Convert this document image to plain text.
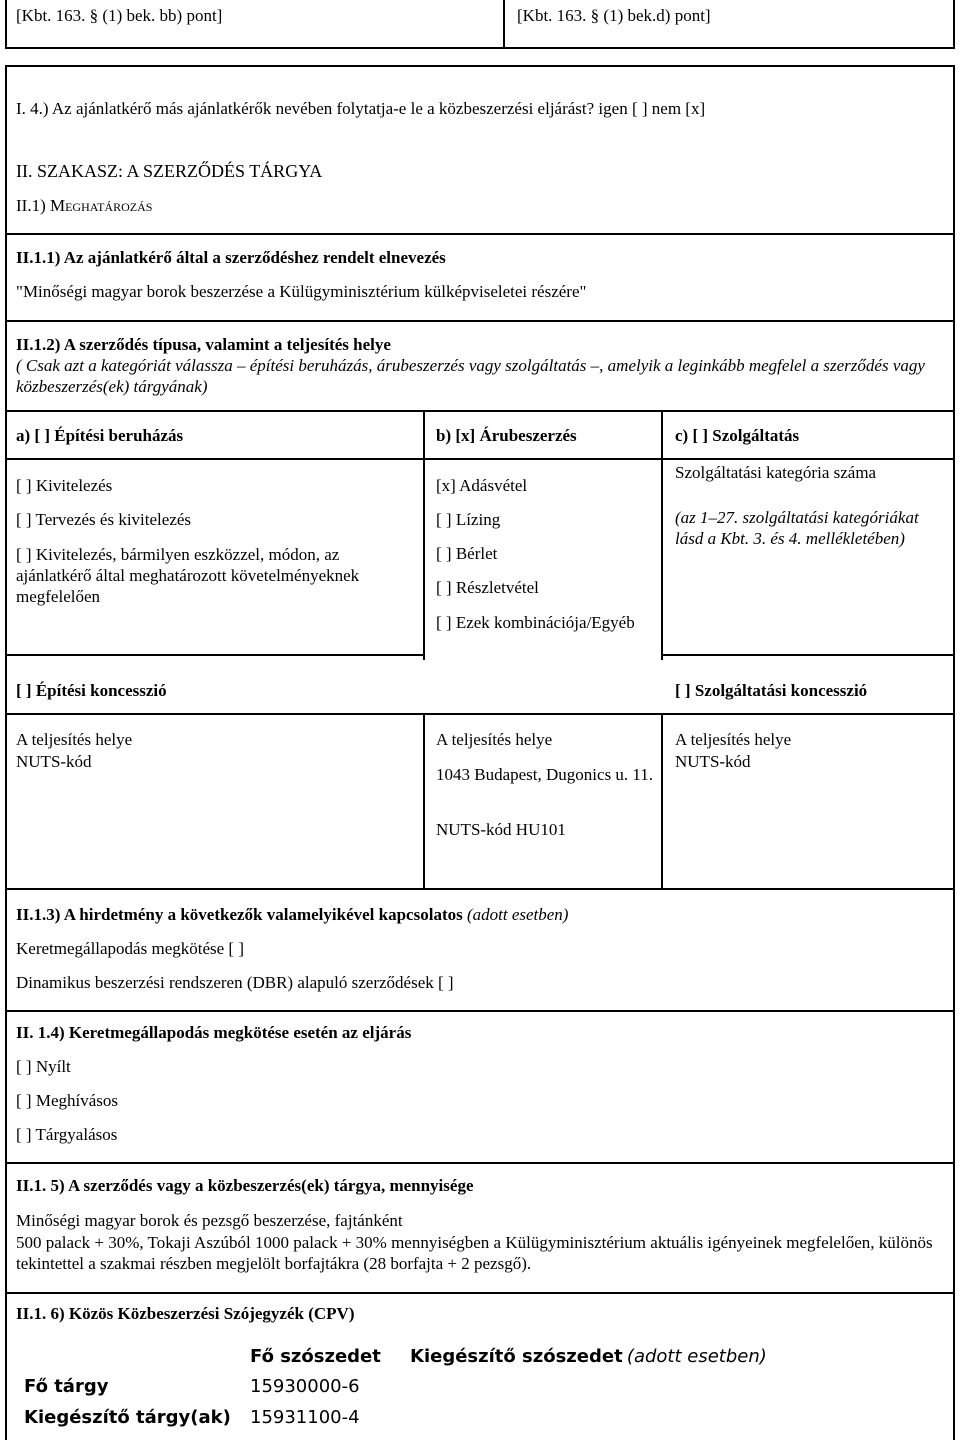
[Kbt. 163. § (1) bek. bb) pont]	[Kbt. 163. § (1) bek.d) pont]
I. 4.) Az ajánlatkérő más ajánlatkérők nevében folytatja-e le a közbeszerzési eljárást? igen [ ] nem [x]
II. SZAKASZ: A SZERZŐDÉS TÁRGYA
II.1) Meghatározás
II.1.1) Az ajánlatkérő által a szerződéshez rendelt elnevezés
"Minőségi magyar borok beszerzése a Külügyminisztérium külképviseletei részére"
II.1.2) A szerződés típusa, valamint a teljesítés helye
( Csak azt a kategóriát válassza – építési beruházás, árubeszerzés vagy szolgáltatás –, amelyik a leginkább megfelel a szerződés vagy közbeszerzés(ek) tárgyának)
a) [ ] Építési beruházás	b) [x] Árubeszerzés	c) [ ] Szolgáltatás
[ ] Kivitelezés
[ ] Tervezés és kivitelezés
[ ] Kivitelezés, bármilyen eszközzel, módon, az ajánlatkérő által meghatározott követelményeknek megfelelően
[x] Adásvétel
[ ] Lízing
[ ] Bérlet
[ ] Részletvétel
[ ] Ezek kombinációja/Egyéb
Szolgáltatási kategória száma
(az 1–27. szolgáltatási kategóriákat lásd a Kbt. 3. és 4. mellékletében)
[ ] Építési koncesszió	[ ] Szolgáltatási koncesszió
A teljesítés helye
NUTS-kód
A teljesítés helye
1043 Budapest, Dugonics u. 11.
NUTS-kód HU101
A teljesítés helye
NUTS-kód
II.1.3) A hirdetmény a következők valamelyikével kapcsolatos (adott esetben)
Keretmegállapodás megkötése [ ]
Dinamikus beszerzési rendszeren (DBR) alapuló szerződések [ ]
II. 1.4) Keretmegállapodás megkötése esetén az eljárás
[ ] Nyílt
[ ] Meghívásos
[ ] Tárgyalásos
II.1. 5) A szerződés vagy a közbeszerzés(ek) tárgya, mennyisége
Minőségi magyar borok és pezsgő beszerzése, fajtánként
500 palack + 30%, Tokaji Aszúból 1000 palack + 30% mennyiségben a Külügyminisztérium aktuális igényeinek megfelelően, különös tekintettel a szakmai részben megjelölt borfajtákra (28 borfajta + 2 pezsgő).
II.1. 6) Közös Közbeszerzési Szójegyzék (CPV)
Fő szószedet Kiegészítő szószedet (adott esetben)
Fő tárgy	15930000-6
Kiegészítő tárgy(ak) 15931100-4
